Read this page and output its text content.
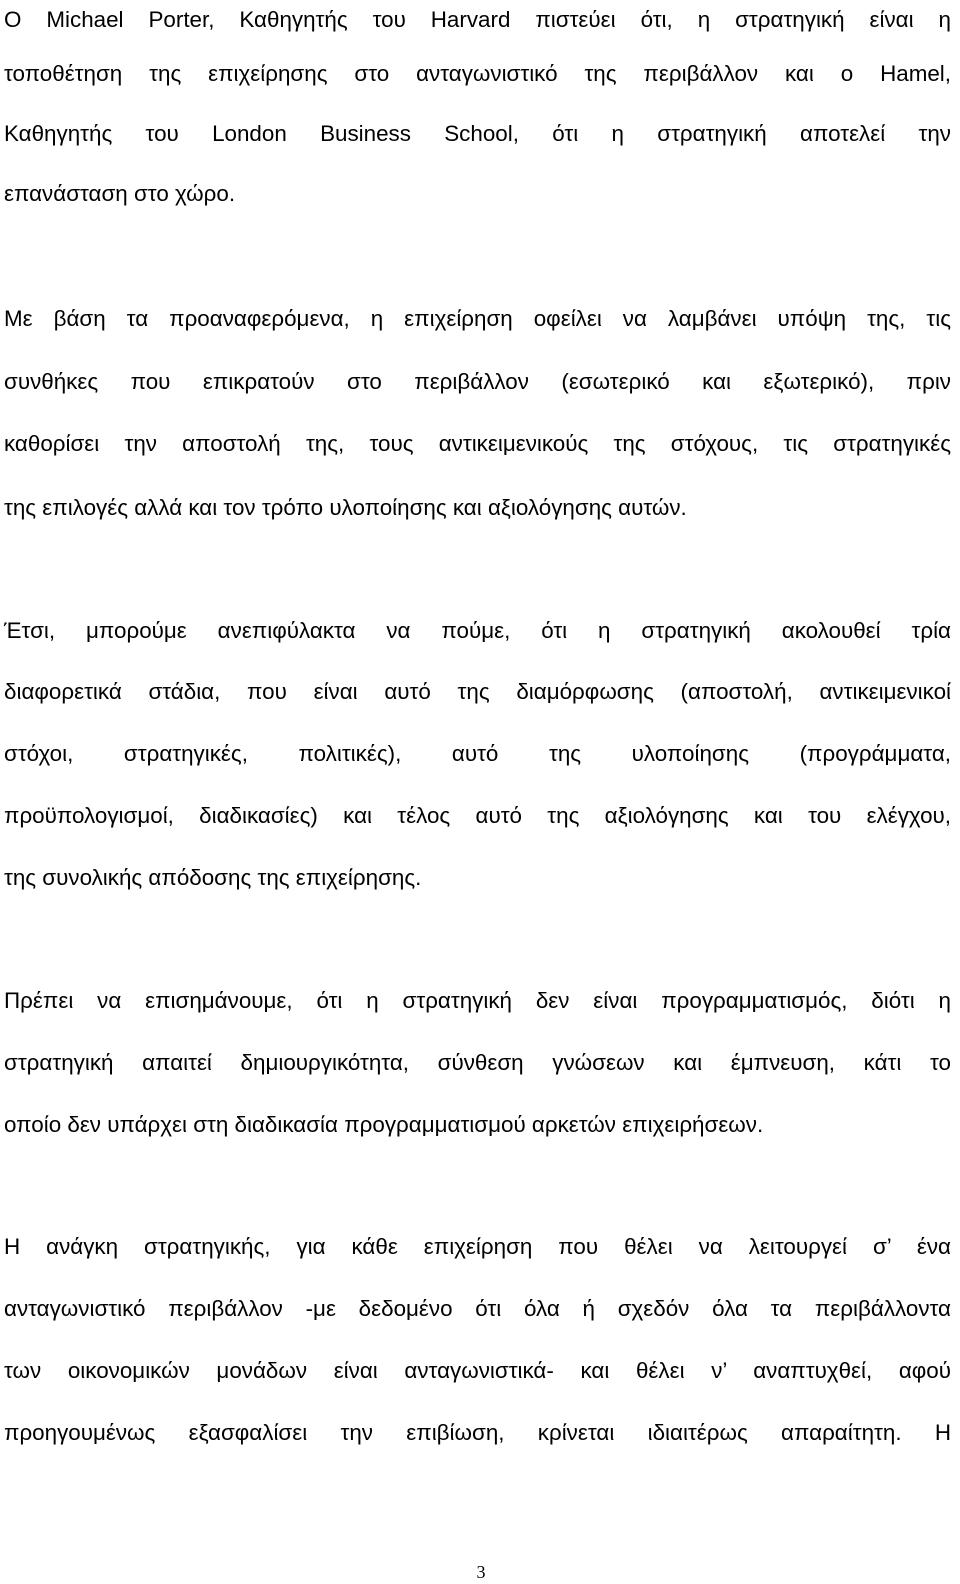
Ο Michael Porter, Καθηγητής του Harvard πιστεύει ότι, η στρατηγική είναι η
τοποθέτηση της επιχείρησης στο ανταγωνιστικό της περιβάλλον και ο Hamel,
Καθηγητής του London Business School, ότι η στρατηγική αποτελεί την
επανάσταση στο χώρο.
Με βάση τα προαναφερόμενα, η επιχείρηση οφείλει να λαμβάνει υπόψη της, τις
συνθήκες που επικρατούν στο περιβάλλον (εσωτερικό και εξωτερικό), πριν
καθορίσει την αποστολή της, τους αντικειμενικούς της στόχους, τις στρατηγικές
της επιλογές αλλά και τον τρόπο υλοποίησης και αξιολόγησης αυτών.
Έτσι, μπορούμε ανεπιφύλακτα να πούμε, ότι η στρατηγική ακολουθεί τρία
διαφορετικά στάδια, που είναι αυτό της διαμόρφωσης (αποστολή, αντικειμενικοί
στόχοι, στρατηγικές, πολιτικές), αυτό της υλοποίησης (προγράμματα,
προϋπολογισμοί, διαδικασίες) και τέλος αυτό της αξιολόγησης και του ελέγχου,
της συνολικής απόδοσης της επιχείρησης.
Πρέπει να επισημάνουμε, ότι η στρατηγική δεν είναι προγραμματισμός, διότι η
στρατηγική απαιτεί δημιουργικότητα, σύνθεση γνώσεων και έμπνευση, κάτι το
οποίο δεν υπάρχει στη διαδικασία προγραμματισμού αρκετών επιχειρήσεων.
Η ανάγκη στρατηγικής, για κάθε επιχείρηση που θέλει να λειτουργεί σ’ ένα
ανταγωνιστικό περιβάλλον -με δεδομένο ότι όλα ή σχεδόν όλα τα περιβάλλοντα
των οικονομικών μονάδων είναι ανταγωνιστικά- και θέλει ν’ αναπτυχθεί, αφού
προηγουμένως εξασφαλίσει την επιβίωση, κρίνεται ιδιαιτέρως απαραίτητη. Η
3
